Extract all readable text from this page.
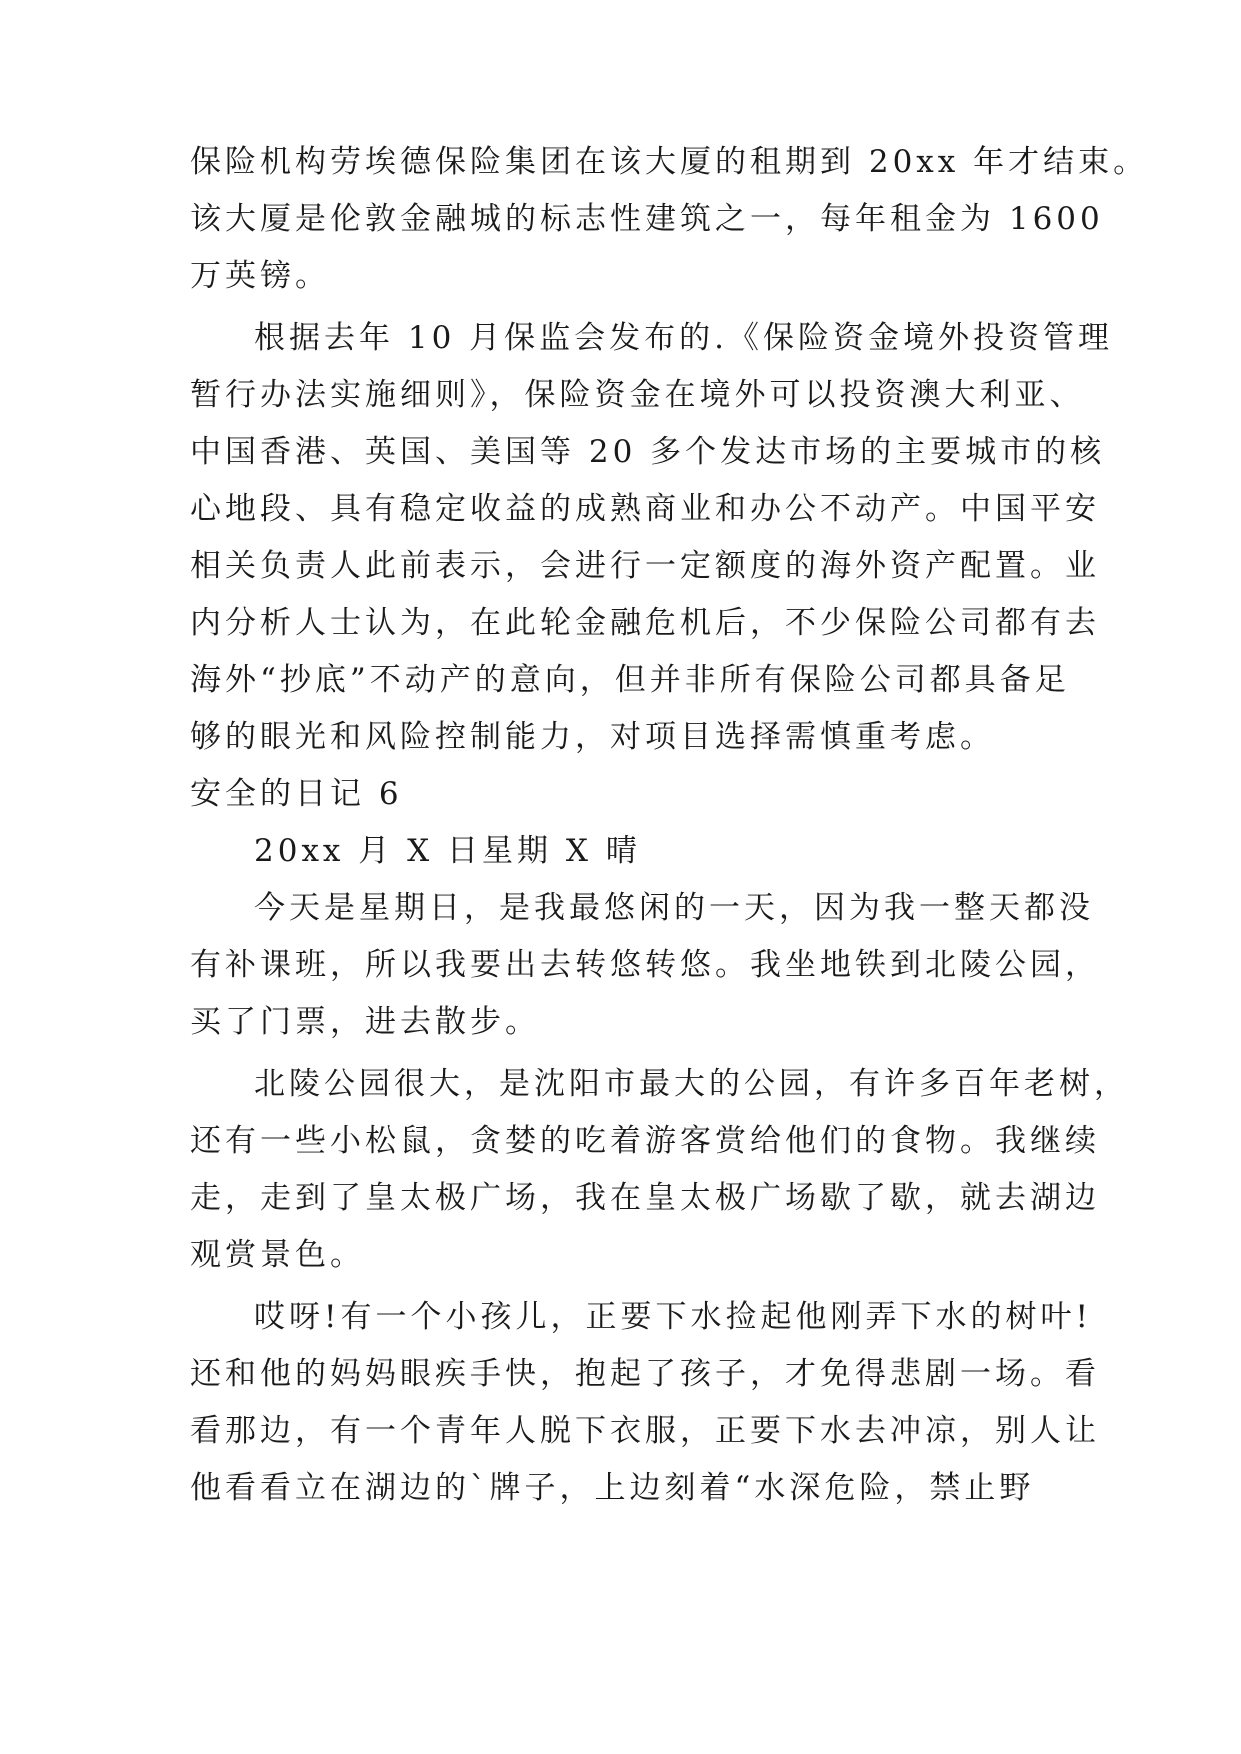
保险机构劳埃德保险集团在该大厦的租期到 20xx 年才结束。

该大厦是伦敦金融城的标志性建筑之一，每年租金为 1600

万英镑。

根据去年 10 月保监会发布的.《保险资金境外投资管理

暂行办法实施细则》，保险资金在境外可以投资澳大利亚、

中国香港、英国、美国等 20 多个发达市场的主要城市的核

心地段、具有稳定收益的成熟商业和办公不动产。中国平安

相关负责人此前表示，会进行一定额度的海外资产配置。业

内分析人士认为，在此轮金融危机后，不少保险公司都有去

海外“抄底”不动产的意向，但并非所有保险公司都具备足

够的眼光和风险控制能力，对项目选择需慎重考虑。

安全的日记 6

20xx 月 X 日星期 X 晴

今天是星期日，是我最悠闲的一天，因为我一整天都没

有补课班，所以我要出去转悠转悠。我坐地铁到北陵公园，

买了门票，进去散步。

北陵公园很大，是沈阳市最大的公园，有许多百年老树，

还有一些小松鼠，贪婪的吃着游客赏给他们的食物。我继续

走，走到了皇太极广场，我在皇太极广场歇了歇，就去湖边

观赏景色。

哎呀!有一个小孩儿，正要下水捡起他刚弄下水的树叶!

还和他的妈妈眼疾手快，抱起了孩子，才免得悲剧一场。看

看那边，有一个青年人脱下衣服，正要下水去冲凉，别人让

他看看立在湖边的`牌子，上边刻着“水深危险，禁止野
